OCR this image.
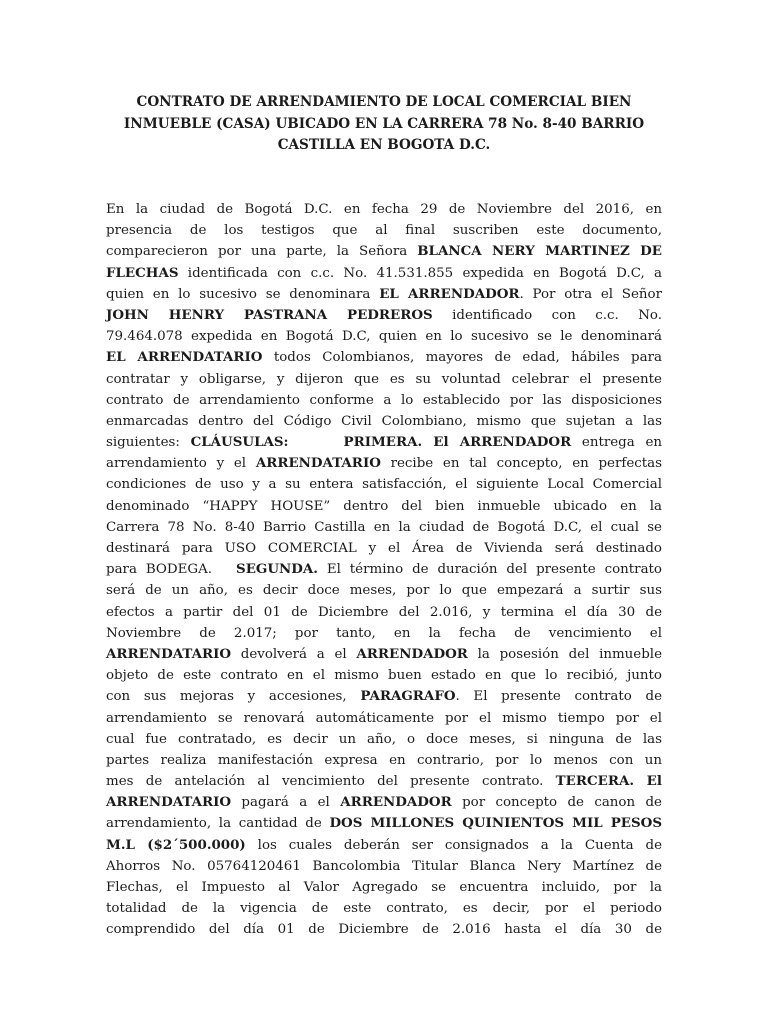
CONTRATO DE ARRENDAMIENTO DE LOCAL COMERCIAL BIEN
INMUEBLE (CASA) UBICADO EN LA CARRERA 78 No. 8-40 BARRIO
CASTILLA EN BOGOTA D.C.
En la ciudad de Bogotá D.C. en fecha 29 de Noviembre del 2016, en
presencia de los testigos que al final suscriben este documento,
comparecieron por una parte, la Señora BLANCA NERY MARTINEZ DE
FLECHAS identificada con c.c. No. 41.531.855 expedida en Bogotá D.C, a
quien en lo sucesivo se denominara EL ARRENDADOR. Por otra el Señor
JOHN HENRY PASTRANA PEDREROS identificado con c.c. No.
79.464.078 expedida en Bogotá D.C, quien en lo sucesivo se le denominará
EL ARRENDATARIO todos Colombianos, mayores de edad, hábiles para
contratar y obligarse, y dijeron que es su voluntad celebrar el presente
contrato de arrendamiento conforme a lo establecido por las disposiciones
enmarcadas dentro del Código Civil Colombiano, mismo que sujetan a las
siguientes: CLÁUSULAS:	PRIMERA. El ARRENDADOR entrega en
arrendamiento y el ARRENDATARIO recibe en tal concepto, en perfectas
condiciones de uso y a su entera satisfacción, el siguiente Local Comercial
denominado “HAPPY HOUSE” dentro del bien inmueble ubicado en la
Carrera 78 No. 8-40 Barrio Castilla en la ciudad de Bogotá D.C, el cual se
destinará para USO COMERCIAL y el Área de Vivienda será destinado
para BODEGA. SEGUNDA. El término de duración del presente contrato
será de un año, es decir doce meses, por lo que empezará a surtir sus
efectos a partir del 01 de Diciembre del 2.016, y termina el día 30 de
Noviembre de 2.017; por tanto, en la fecha de vencimiento el
ARRENDATARIO devolverá a el ARRENDADOR la posesión del inmueble
objeto de este contrato en el mismo buen estado en que lo recibió, junto
con sus mejoras y accesiones, PARAGRAFO. El presente contrato de
arrendamiento se renovará automáticamente por el mismo tiempo por el
cual fue contratado, es decir un año, o doce meses, si ninguna de las
partes realiza manifestación expresa en contrario, por lo menos con un
mes de antelación al vencimiento del presente contrato. TERCERA. El
ARRENDATARIO pagará a el ARRENDADOR por concepto de canon de
arrendamiento, la cantidad de DOS MILLONES QUINIENTOS MIL PESOS
M.L ($2´500.000) los cuales deberán ser consignados a la Cuenta de
Ahorros No. 05764120461 Bancolombia Titular Blanca Nery Martínez de
Flechas, el Impuesto al Valor Agregado se encuentra incluido, por la
totalidad de la vigencia de este contrato, es decir, por el periodo
comprendido del día 01 de Diciembre de 2.016 hasta el día 30 de
